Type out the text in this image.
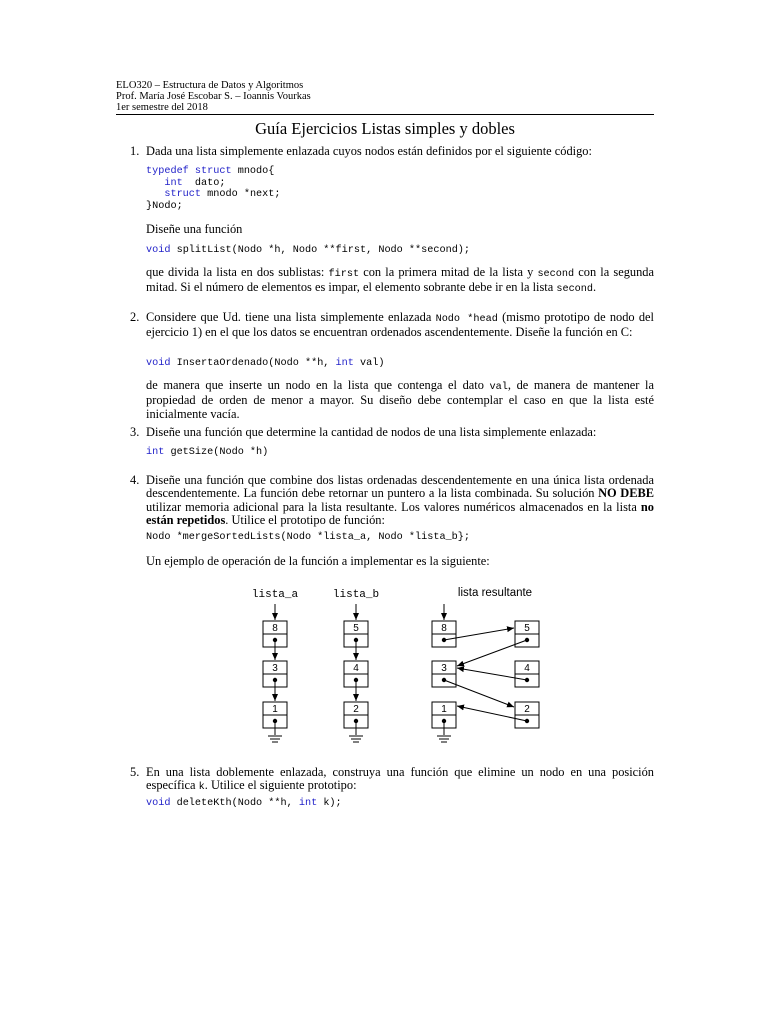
ELO320 – Estructura de Datos y Algoritmos
Prof. María José Escobar S. – Ioannis Vourkas
1er semestre del 2018
Guía Ejercicios Listas simples y dobles
1. Dada una lista simplemente enlazada cuyos nodos están definidos por el siguiente código:
typedef struct mnodo{
int  dato;
struct mnodo *next;
}Nodo;
Diseñe una función
void splitList(Nodo *h, Nodo **first, Nodo **second);
que divida la lista en dos sublistas: first con la primera mitad de la lista y second con la segunda mitad. Si el número de elementos es impar, el elemento sobrante debe ir en la lista second.
2. Considere que Ud. tiene una lista simplemente enlazada Nodo *head (mismo prototipo de nodo del ejercicio 1) en el que los datos se encuentran ordenados ascendentemente. Diseñe la función en C:
void InsertaOrdenado(Nodo **h, int val)
de manera que inserte un nodo en la lista que contenga el dato val, de manera de mantener la propiedad de orden de menor a mayor. Su diseño debe contemplar el caso en que la lista esté inicialmente vacía.
3. Diseñe una función que determine la cantidad de nodos de una lista simplemente enlazada:
int getSize(Nodo *h)
4. Diseñe una función que combine dos listas ordenadas descendentemente en una única lista ordenada descendentemente. La función debe retornar un puntero a la lista combinada. Su solución NO DEBE utilizar memoria adicional para la lista resultante. Los valores numéricos almacenados en la lista no están repetidos. Utilice el prototipo de función:
Nodo *mergeSortedLists(Nodo *lista_a, Nodo *lista_b};
Un ejemplo de operación de la función a implementar es la siguiente:
lista_a	lista_b	lista resultante
8
3
1
5
4
2
8
3
1
5
4
2
5. En una lista doblemente enlazada, construya una función que elimine un nodo en una posición específica k. Utilice el siguiente prototipo:
void deleteKth(Nodo **h, int k);
